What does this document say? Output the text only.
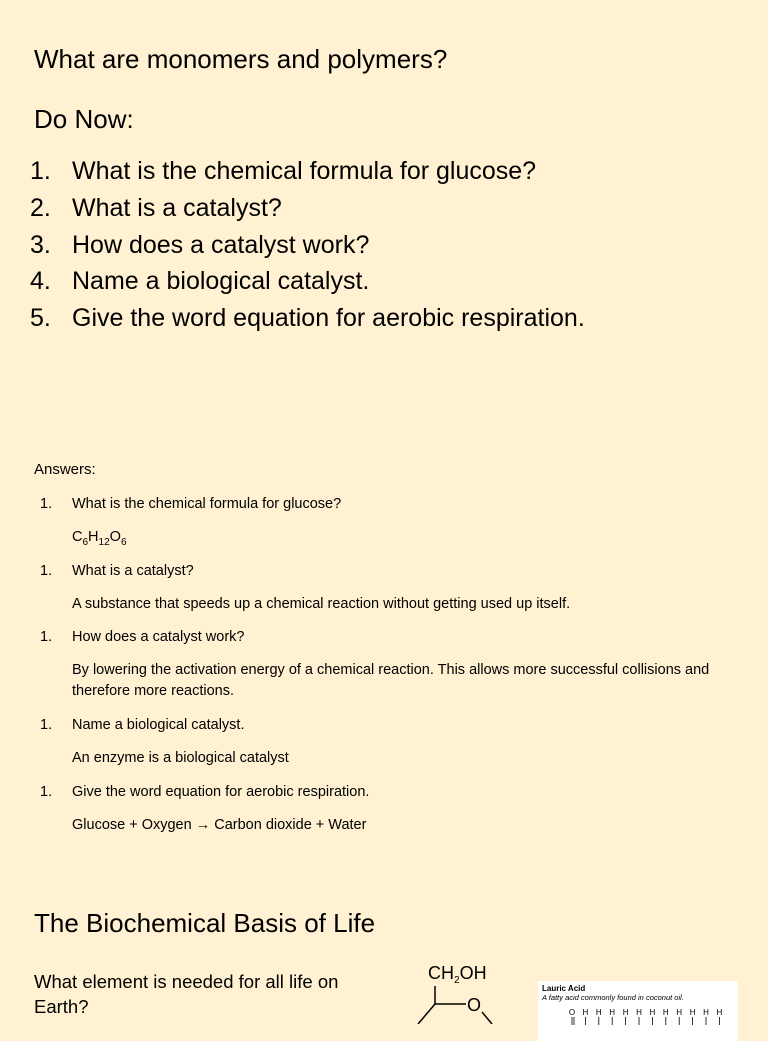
What are monomers and polymers?
Do Now:
1. What is the chemical formula for glucose?
2. What is a catalyst?
3. How does a catalyst work?
4. Name a biological catalyst.
5. Give the word equation for aerobic respiration.
Answers:
1. What is the chemical formula for glucose?
$C_6H_{12}O_6$
1. What is a catalyst?
A substance that speeds up a chemical reaction without getting used up itself.
1. How does a catalyst work?
By lowering the activation energy of a chemical reaction. This allows more successful collisions and therefore more reactions.
1. Name a biological catalyst.
An enzyme is a biological catalyst
1. Give the word equation for aerobic respiration.
Glucose + Oxygen → Carbon dioxide + Water
The Biochemical Basis of Life
What element is needed for all life on Earth?
$CH_2OH$
O
Lauric Acid
A fatty acid commonly found in coconut oil.
O H H H H H H H H H H H
